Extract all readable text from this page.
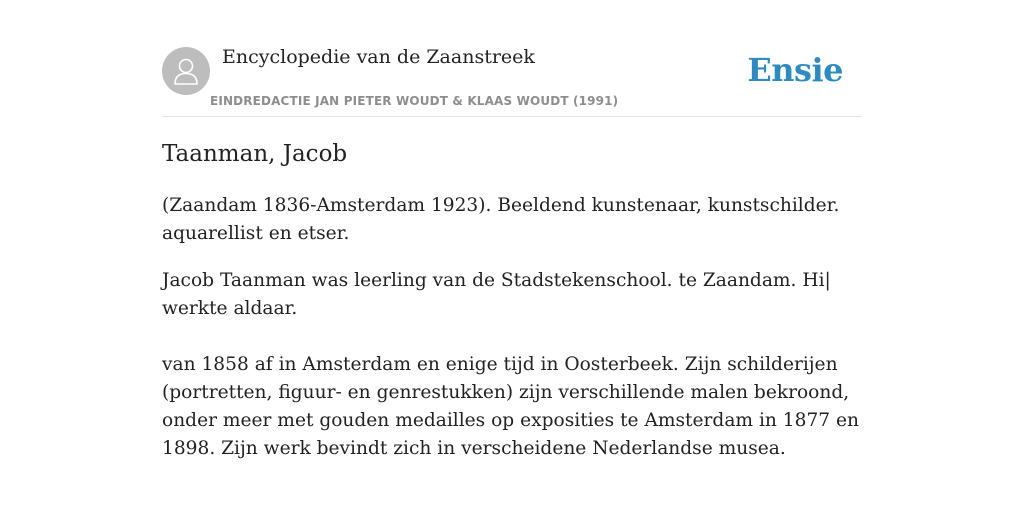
Encyclopedie van de Zaanstreek
EINDREDACTIE JAN PIETER WOUDT & KLAAS WOUDT (1991)
Ensie
Taanman, Jacob

(Zaandam 1836-Amsterdam 1923). Beeldend kunstenaar, kunstschilder. aquarellist en etser.

Jacob Taanman was leerling van de Stadstekenschool. te Zaandam. Hi| werkte aldaar.

van 1858 af in Amsterdam en enige tijd in Oosterbeek. Zijn schilderijen (portretten, figuur- en genrestukken) zijn verschillende malen bekroond, onder meer met gouden medailles op exposities te Amsterdam in 1877 en 1898. Zijn werk bevindt zich in verscheidene Nederlandse musea.
